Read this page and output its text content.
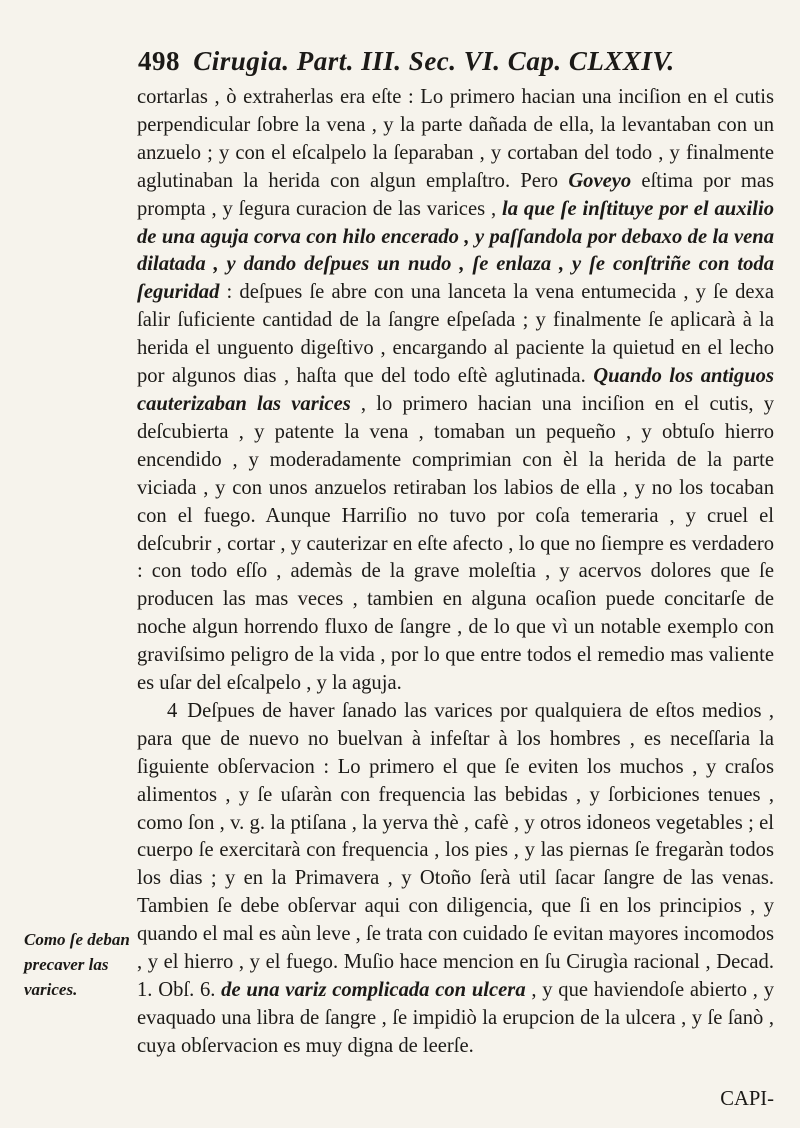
498 Cirugia. Part. III. Sec. VI. Cap. CLXXIV.

cortarlas , ò extraherlas era eſte : Lo primero hacian una inciſion en el cutis perpendicular ſobre la vena , y la parte dañada de ella, la levantaban con un anzuelo ; y con el eſcalpelo la ſeparaban , y cortaban del todo , y finalmente aglutinaban la herida con algun emplaſtro. Pero Goveyo eſtima por mas prompta , y ſegura curacion de las varices , la que ſe inſtituye por el auxilio de una aguja corva con hilo encerado , y paſſandola por debaxo de la vena dilatada , y dando deſpues un nudo , ſe enlaza , y ſe conſtriñe con toda ſeguridad : deſpues ſe abre con una lanceta la vena entumecida , y ſe dexa ſalir ſuficiente cantidad de la ſangre eſpeſada ; y finalmente ſe aplicarà à la herida el unguento digeſtivo , encargando al paciente la quietud en el lecho por algunos dias , haſta que del todo eſtè aglutinada. Quando los antiguos cauterizaban las varices , lo primero hacian una inciſion en el cutis, y deſcubierta , y patente la vena , tomaban un pequeño , y obtuſo hierro encendido , y moderadamente comprimian con èl la herida de la parte viciada , y con unos anzuelos retiraban los labios de ella , y no los tocaban con el fuego. Aunque Harriſio no tuvo por coſa temeraria , y cruel el deſcubrir , cortar , y cauterizar en eſte afecto , lo que no ſiempre es verdadero : con todo eſſo , ademàs de la grave moleſtia , y acervos dolores que ſe producen las mas veces , tambien en alguna ocaſion puede concitarſe de noche algun horrendo fluxo de ſangre , de lo que vì un notable exemplo con graviſsimo peligro de la vida , por lo que entre todos el remedio mas valiente es uſar del eſcalpelo , y la aguja.

4 Deſpues de haver ſanado las varices por qualquiera de eſtos medios , para que de nuevo no buelvan à infeſtar à los hombres , es neceſſaria la ſiguiente obſervacion : Lo primero el que ſe eviten los muchos , y craſos alimentos , y ſe uſaràn con frequencia las bebidas , y ſorbiciones tenues , como ſon , v. g. la ptiſana , la yerva thè , cafè , y otros idoneos vegetables ; el cuerpo ſe exercitarà con frequencia , los pies , y las piernas ſe fregaràn todos los dias ; y en la Primavera , y Otoño ſerà util ſacar ſangre de las venas. Tambien ſe debe obſervar aqui con diligencia, que ſi en los principios , y quando el mal es aùn leve , ſe trata con cuidado ſe evitan mayores incomodos , y el hierro , y el fuego. Muſio hace mencion en ſu Cirugìa racional , Decad. 1. Obſ. 6. de una variz complicada con ulcera , y que haviendoſe abierto , y evaquado una libra de ſangre , ſe impidiò la erupcion de la ulcera , y ſe ſanò , cuya obſervacion es muy digna de leerſe.

Como ſe deban precaver las varices.
CAPI-
